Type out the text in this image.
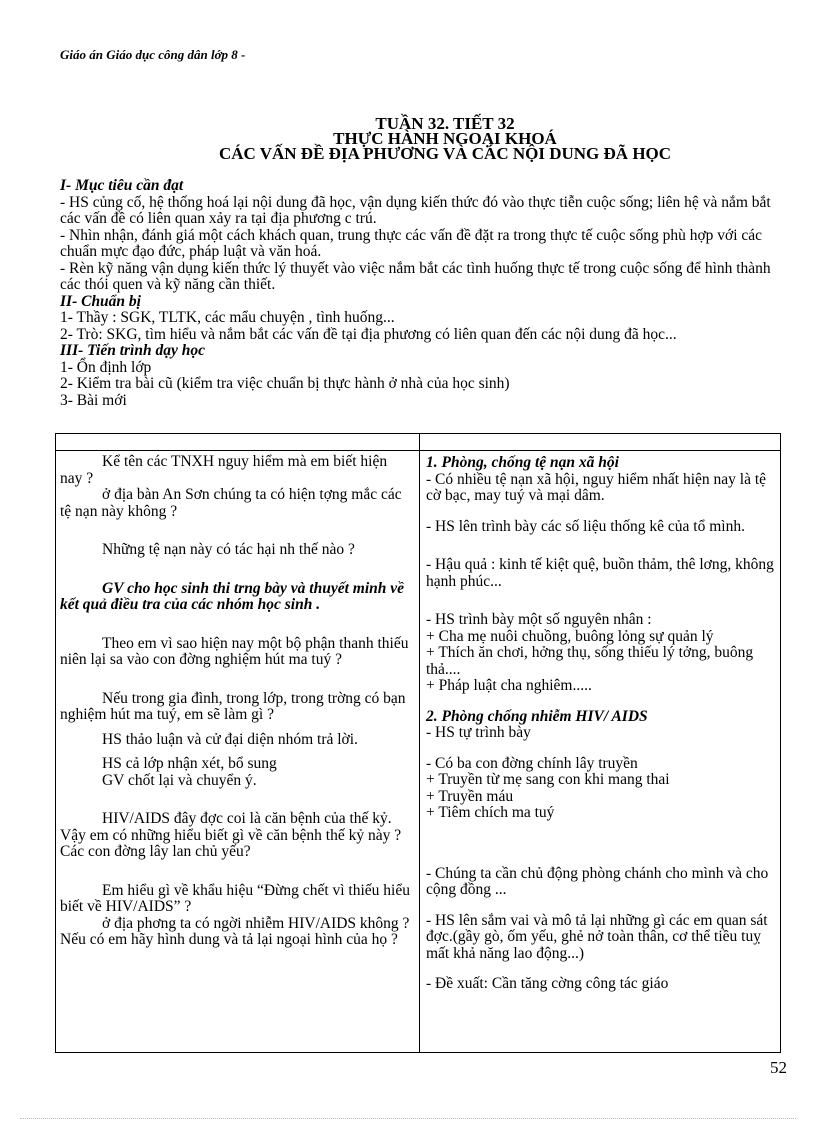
Giáo án Giáo dục công dân lớp 8 -
TUẦN 32. TIẾT 32
THỰC HÀNH NGOẠI KHOÁ
CÁC VẤN ĐỀ ĐỊA PHƯƠNG VÀ CÁC NỘI DUNG ĐÃ HỌC

I- Mục tiêu cần đạt

- HS củng cố, hệ thống hoá lại nội dung đã học, vận dụng kiến thức đó vào thực tiễn cuộc sống; liên hệ và nắm bắt các vấn đề có liên quan xảy ra tại địa phương c trú.

- Nhìn nhận, đánh giá một cách khách quan, trung thực các vấn đề đặt ra trong thực tế cuộc sống phù hợp với các chuẩn mực đạo đức, pháp luật và văn hoá.

- Rèn kỹ năng vận dụng kiến thức lý thuyết vào việc nắm bắt các tình huống thực tế trong cuộc sống để hình thành các thói quen và kỹ năng cần thiết.

II- Chuẩn bị

1- Thầy : SGK, TLTK, các mẩu chuyện , tình huống...

2- Trò: SKG, tìm hiểu và nắm bắt các vấn đề tại địa phương có liên quan đến các nội dung đã học...

III- Tiến trình dạy học

1- Ổn định lớp

2- Kiểm tra bài cũ (kiểm tra việc chuẩn bị thực hành ở nhà của học sinh)

3- Bài mới

Kể tên các TNXH nguy hiểm mà em biết hiện nay ?

ở địa bàn An Sơn chúng ta có hiện tợng mắc các tệ nạn này không ?

Những tệ nạn này có tác hại nh thế nào ?

GV cho học sinh thi trng bày và thuyết minh về kết quả điều tra của các nhóm học sinh .

Theo em vì sao hiện nay một bộ phận thanh thiếu niên lại sa vào con đờng nghiệm hút ma tuý ?

Nếu trong gia đình, trong lớp, trong trờng có bạn nghiệm hút ma tuý, em sẽ làm gì ?

HS thảo luận và cử đại diện nhóm trả lời.

HS cả lớp nhận xét, bổ sung

GV chốt lại và chuyển ý.

HIV/AIDS đây đợc coi là căn bệnh của thế kỷ. Vậy em có những hiểu biết gì về căn bệnh thế kỷ này ? Các con đờng lây lan chủ yếu?

Em hiểu gì về khẩu hiệu “Đừng chết vì thiếu hiểu biết về HIV/AIDS” ?

ở địa phơng ta có ngời nhiễm HIV/AIDS không ? Nếu có em hãy hình dung và tả lại ngoại hình của họ ?

1. Phòng, chống tệ nạn xã hội

- Có nhiều tệ nạn xã hội, nguy hiểm nhất hiện nay là tệ cờ bạc, may tuý và mại dâm.

- HS lên trình bày các số liệu thống kê của tổ mình.

- Hậu quả : kinh tế kiệt quệ, buồn thảm, thê lơng, không hạnh phúc...

- HS trình bày một số nguyên nhân :

+ Cha mẹ nuôi chuồng, buông lỏng sự quản lý

+ Thích ăn chơi, hởng thụ, sống thiếu lý tởng, buông thả....

+ Pháp luật cha nghiêm.....

2. Phòng chống nhiễm HIV/ AIDS

- HS tự trình bày

- Có ba con đờng chính lây truyền

+ Truyền từ mẹ sang con khi mang thai

+ Truyền máu

+ Tiêm chích ma tuý

- Chúng ta cần chủ động phòng chánh cho mình và cho cộng đồng ...

- HS lên sắm vai và mô tả lại những gì các em quan sát đợc.(gầy gò, ốm yếu, ghẻ nở toàn thân, cơ thể tiều tuỵ mất khả năng lao động...)

- Đề xuất: Cần tăng cờng công tác giáo

52
